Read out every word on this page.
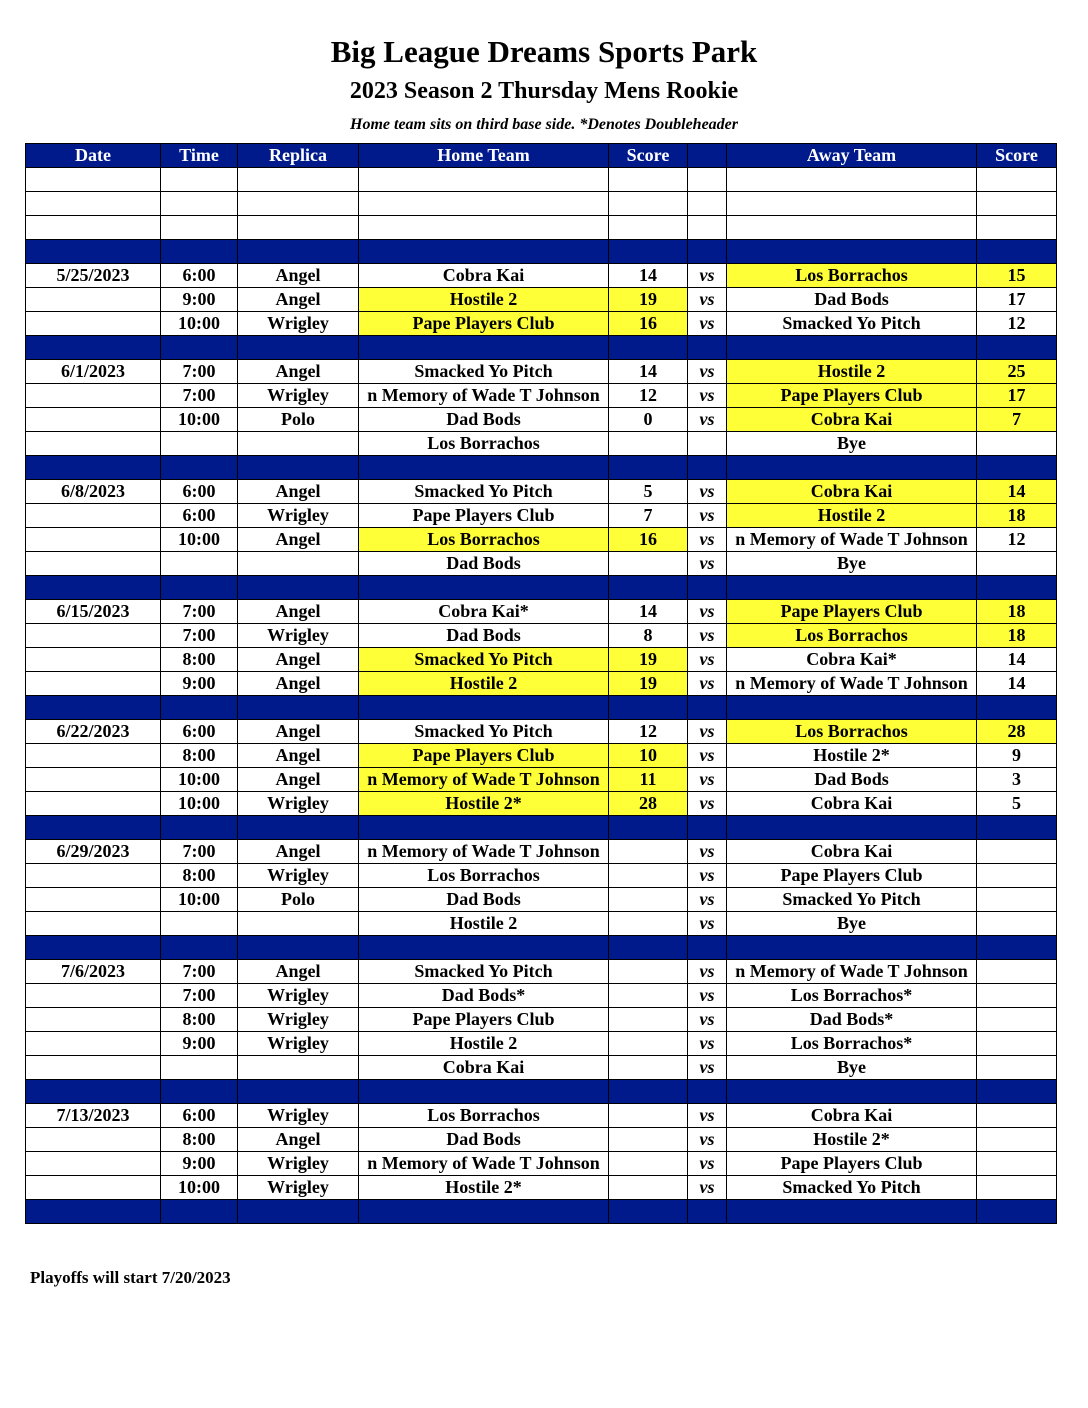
Big League Dreams Sports Park
2023 Season 2 Thursday Mens Rookie
Home team sits on third base side. *Denotes Doubleheader
Date	Time	Replica	Home Team	Score		Away Team	Score

5/25/2023	6:00	Angel	Cobra Kai	14	vs	Los Borrachos	15
	9:00	Angel	Hostile 2	19	vs	Dad Bods	17
	10:00	Wrigley	Pape Players Club	16	vs	Smacked Yo Pitch	12

6/1/2023	7:00	Angel	Smacked Yo Pitch	14	vs	Hostile 2	25
	7:00	Wrigley	n Memory of Wade T Johnson	12	vs	Pape Players Club	17
	10:00	Polo	Dad Bods	0	vs	Cobra Kai	7
			Los Borrachos			Bye	

6/8/2023	6:00	Angel	Smacked Yo Pitch	5	vs	Cobra Kai	14
	6:00	Wrigley	Pape Players Club	7	vs	Hostile 2	18
	10:00	Angel	Los Borrachos	16	vs	n Memory of Wade T Johnson	12
			Dad Bods		vs	Bye	

6/15/2023	7:00	Angel	Cobra Kai*	14	vs	Pape Players Club	18
	7:00	Wrigley	Dad Bods	8	vs	Los Borrachos	18
	8:00	Angel	Smacked Yo Pitch	19	vs	Cobra Kai*	14
	9:00	Angel	Hostile 2	19	vs	n Memory of Wade T Johnson	14

6/22/2023	6:00	Angel	Smacked Yo Pitch	12	vs	Los Borrachos	28
	8:00	Angel	Pape Players Club	10	vs	Hostile 2*	9
	10:00	Angel	n Memory of Wade T Johnson	11	vs	Dad Bods	3
	10:00	Wrigley	Hostile 2*	28	vs	Cobra Kai	5

6/29/2023	7:00	Angel	n Memory of Wade T Johnson		vs	Cobra Kai	
	8:00	Wrigley	Los Borrachos		vs	Pape Players Club	
	10:00	Polo	Dad Bods		vs	Smacked Yo Pitch	
			Hostile 2		vs	Bye	

7/6/2023	7:00	Angel	Smacked Yo Pitch		vs	n Memory of Wade T Johnson	
	7:00	Wrigley	Dad Bods*		vs	Los Borrachos*	
	8:00	Wrigley	Pape Players Club		vs	Dad Bods*	
	9:00	Wrigley	Hostile 2		vs	Los Borrachos*	
			Cobra Kai		vs	Bye	

7/13/2023	6:00	Wrigley	Los Borrachos		vs	Cobra Kai	
	8:00	Angel	Dad Bods		vs	Hostile 2*	
	9:00	Wrigley	n Memory of Wade T Johnson		vs	Pape Players Club	
	10:00	Wrigley	Hostile 2*		vs	Smacked Yo Pitch	

Playoffs will start 7/20/2023
